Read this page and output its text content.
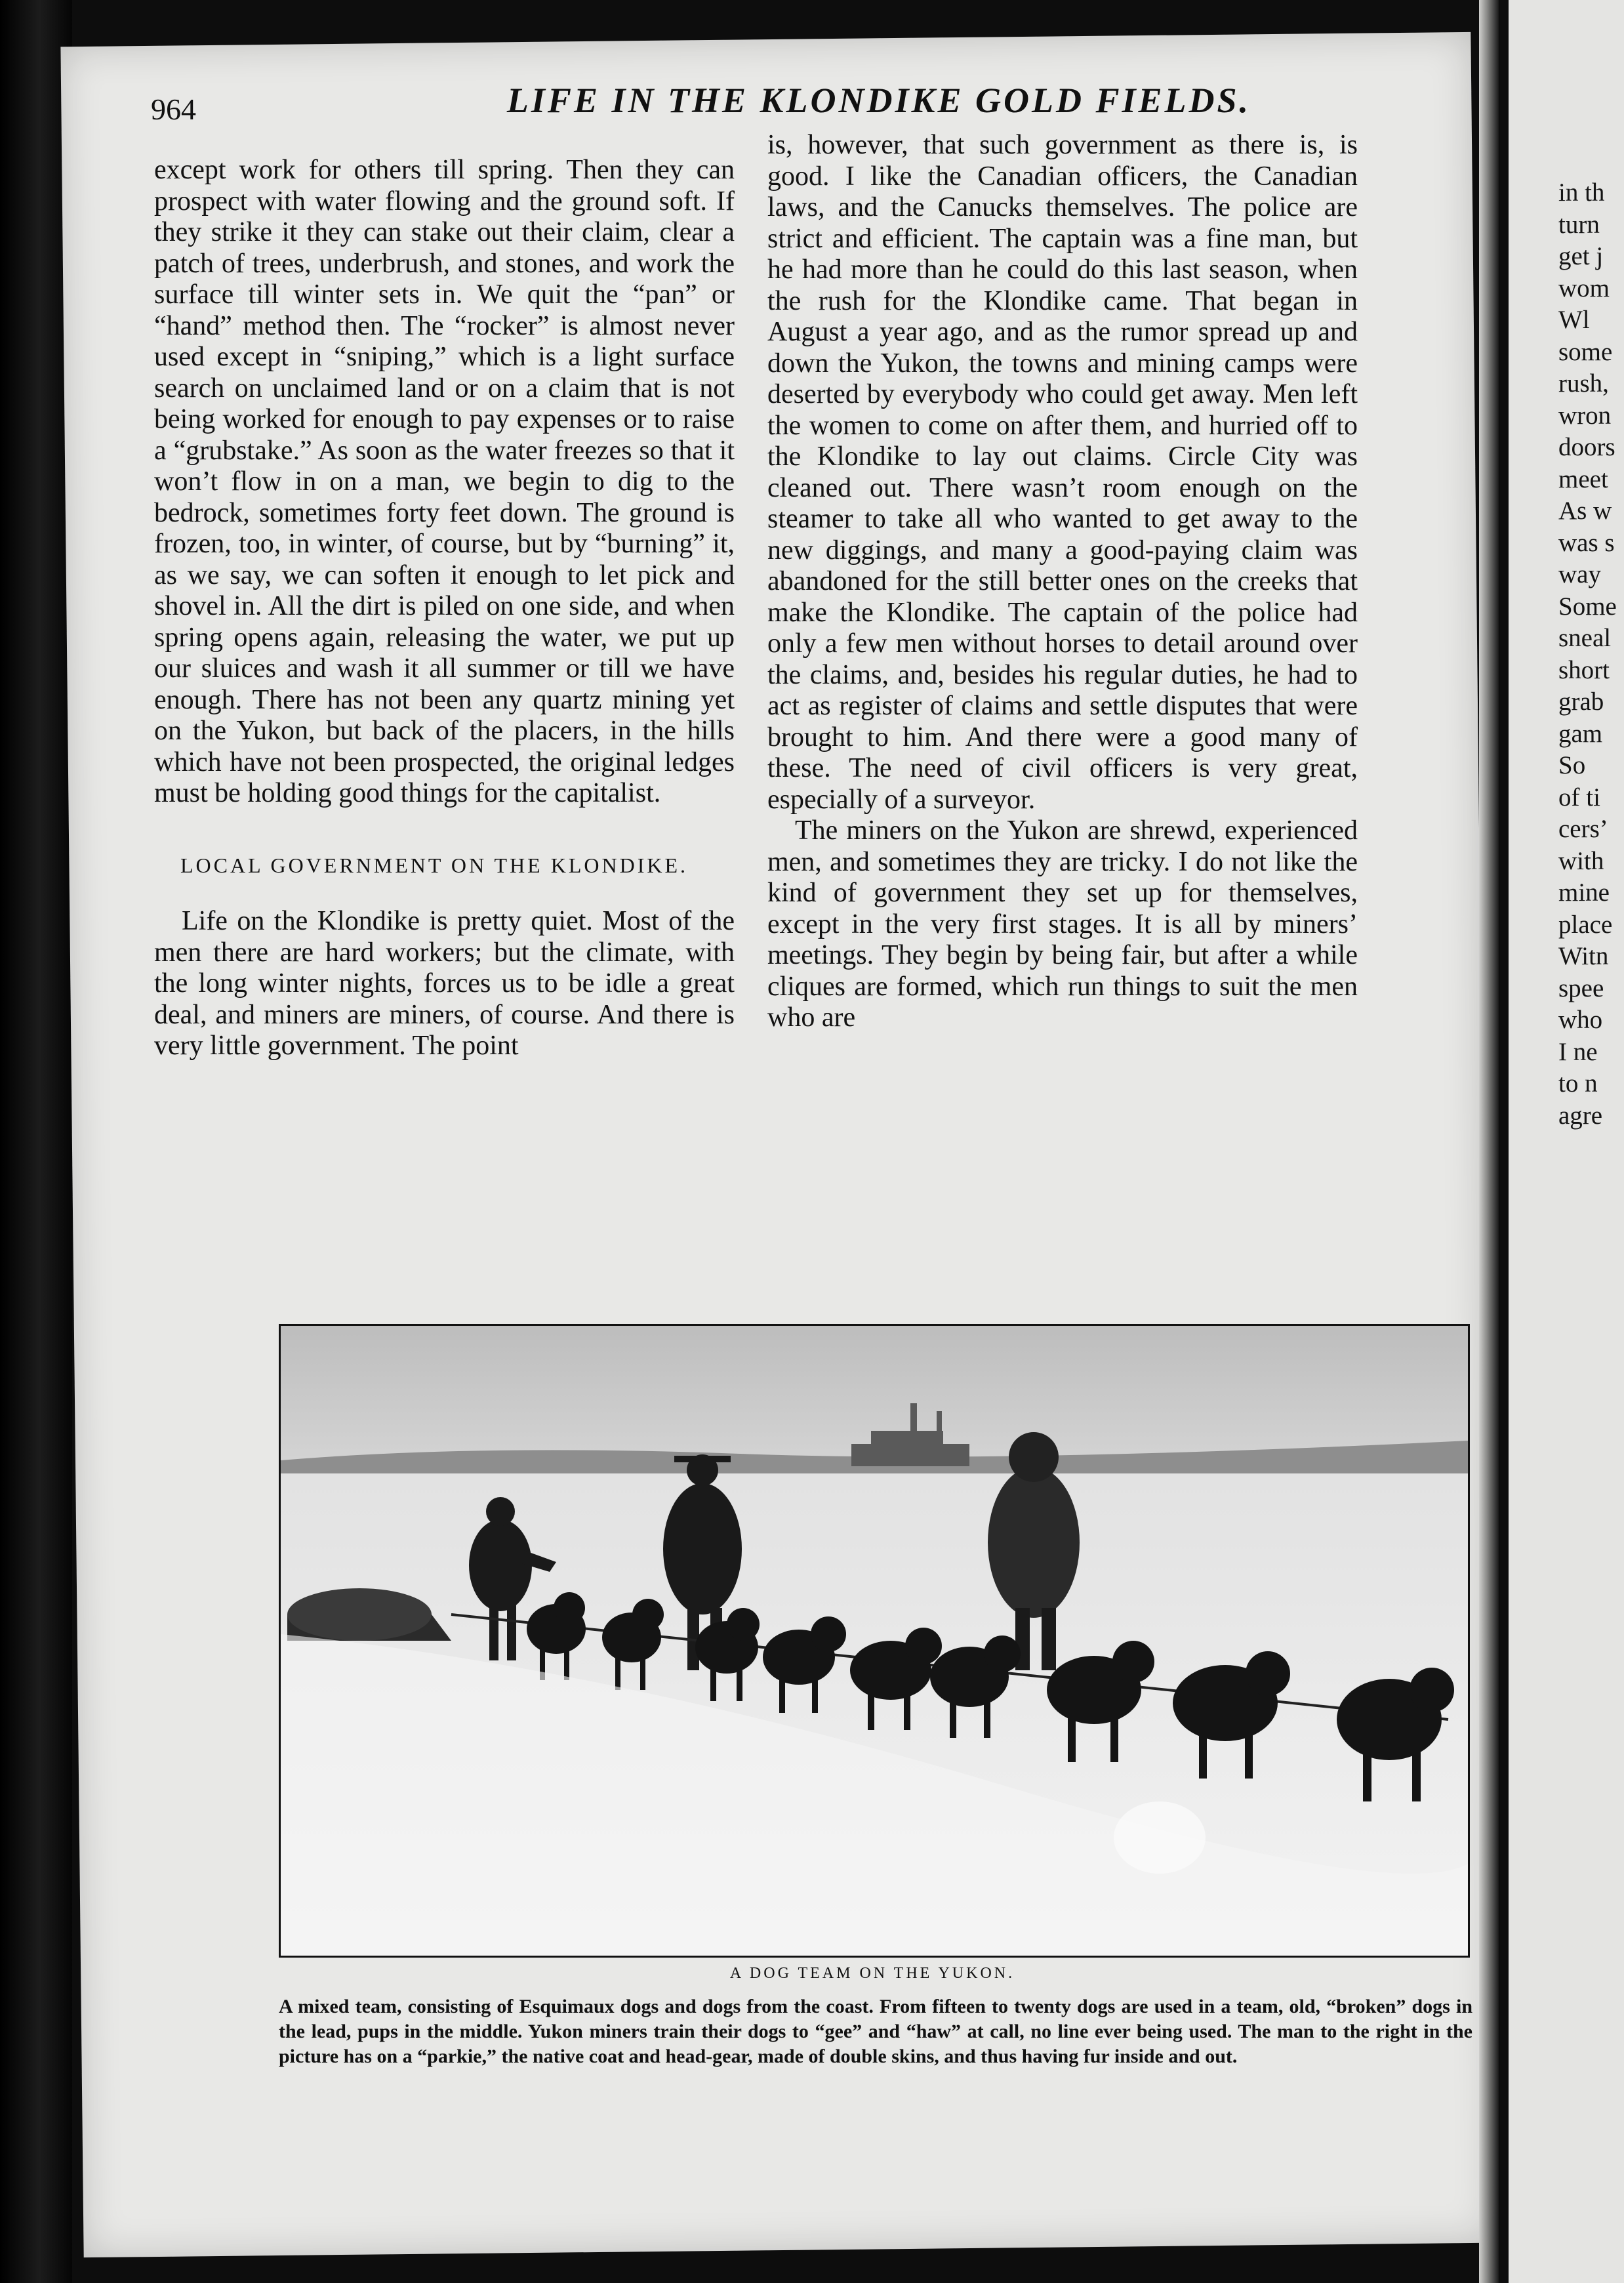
964	LIFE IN THE KLONDIKE GOLD FIELDS.

except work for others till spring. Then they can prospect with water flowing and the ground soft. If they strike it they can stake out their claim, clear a patch of trees, underbrush, and stones, and work the surface till winter sets in. We quit the “pan” or “hand” method then. The “rocker” is almost never used except in “sniping,” which is a light surface search on unclaimed land or on a claim that is not being worked for enough to pay expenses or to raise a “grubstake.” As soon as the water freezes so that it won’t flow in on a man, we begin to dig to the bedrock, sometimes forty feet down. The ground is frozen, too, in winter, of course, but by “burning” it, as we say, we can soften it enough to let pick and shovel in. All the dirt is piled on one side, and when spring opens again, releasing the water, we put up our sluices and wash it all summer or till we have enough. There has not been any quartz mining yet on the Yukon, but back of the placers, in the hills which have not been prospected, the original ledges must be holding good things for the capitalist.

LOCAL GOVERNMENT ON THE KLONDIKE.

Life on the Klondike is pretty quiet. Most of the men there are hard workers; but the climate, with the long winter nights, forces us to be idle a great deal, and miners are miners, of course. And there is very little government. The point

is, however, that such government as there is, is good. I like the Canadian officers, the Canadian laws, and the Canucks themselves. The police are strict and efficient. The captain was a fine man, but he had more than he could do this last season, when the rush for the Klondike came. That began in August a year ago, and as the rumor spread up and down the Yukon, the towns and mining camps were deserted by everybody who could get away. Men left the women to come on after them, and hurried off to the Klondike to lay out claims. Circle City was cleaned out. There wasn’t room enough on the steamer to take all who wanted to get away to the new diggings, and many a good-paying claim was abandoned for the still better ones on the creeks that make the Klondike. The captain of the police had only a few men without horses to detail around over the claims, and, besides his regular duties, he had to act as register of claims and settle disputes that were brought to him. And there were a good many of these. The need of civil officers is very great, especially of a surveyor.

The miners on the Yukon are shrewd, experienced men, and sometimes they are tricky. I do not like the kind of government they set up for themselves, except in the very first stages. It is all by miners’ meetings. They begin by being fair, but after a while cliques are formed, which run things to suit the men who are

A DOG TEAM ON THE YUKON.
A mixed team, consisting of Esquimaux dogs and dogs from the coast. From fifteen to twenty dogs are used in a team, old, “broken” dogs in the lead, pups in the middle. Yukon miners train their dogs to “gee” and “haw” at call, no line ever being used. The man to the right in the picture has on a “parkie,” the native coat and head-gear, made of double skins, and thus having fur inside and out.
in th
turn
get j
wom
Wl
some
rush,
wron
doors
meet
As w
was s
way
Some
sneal
short
grab
gam
So
of ti
cers’
with
mine
place
Witn
spee
who
I ne
to n
agre
